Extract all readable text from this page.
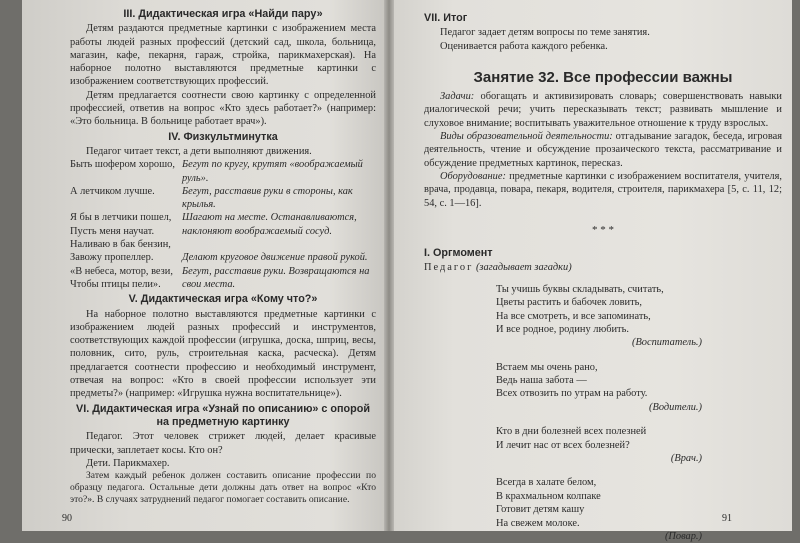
III. Дидактическая игра «Найди пару»

Детям раздаются предметные картинки с изображением места работы людей разных профессий (детский сад, школа, больница, магазин, кафе, пекарня, гараж, стройка, парикмахерская). На наборное полотно выставляются предметные картинки с изображением соответствующих профессий.

Детям предлагается соотнести свою картинку с определенной профессией, ответив на вопрос «Кто здесь работает?» (например: «Это больница. В больнице работает врач»).

IV. Физкультминутка

Педагог читает текст, а дети выполняют движения.

Быть шофером хорошо, Бегут по кругу, крутят «воображаемый руль».
А летчиком лучше.	Бегут, расставив руки в стороны, как крылья.
Я бы в летчики пошел, Пусть меня научат. Наливаю в бак бензин,
Шагают на месте. Останавливаются, наклоняют воображаемый сосуд.
Завожу пропеллер.	Делают круговое движение правой рукой.
«В небеса, мотор, вези, Чтобы птицы пели».
Бегут, расставив руки. Возвращаются на свои места.
V. Дидактическая игра «Кому что?»

На наборное полотно выставляются предметные картинки с изображением людей разных профессий и инструментов, соответствующих каждой профессии (игрушка, доска, шприц, весы, половник, сито, руль, строительная каска, расческа). Детям предлагается соотнести профессию и необходимый инструмент, отвечая на вопрос: «Кто в своей профессии использует эти предметы?» (например: «Игрушка нужна воспитательнице»).

VI. Дидактическая игра «Узнай по описанию» с опорой на предметную картинку

Педагог. Этот человек стрижет людей, делает красивые прически, заплетает косы. Кто он?

Дети. Парикмахер.

Затем каждый ребенок должен составить описание профессии по образцу педагога. Остальные дети должны дать ответ на вопрос «Кто это?». В случаях затруднений педагог помогает составить описание.

90
VII. Итог

Педагог задает детям вопросы по теме занятия.

Оценивается работа каждого ребенка.

Занятие 32. Все профессии важны

Задачи: обогащать и активизировать словарь; совершенствовать навыки диалогической речи; учить пересказывать текст; развивать мышление и слуховое внимание; воспитывать уважительное отношение к труду взрослых.

Виды образовательной деятельности: отгадывание загадок, беседа, игровая деятельность, чтение и обсуждение прозаического текста, рассматривание и обсуждение предметных картинок, пересказ.

Оборудование: предметные картинки с изображением воспитателя, учителя, врача, продавца, повара, пекаря, водителя, строителя, парикмахера [5, с. 11, 12; 54, с. 1—16].

* * *
I. Оргмомент

Педагог (загадывает загадки)

Ты учишь буквы складывать, считать,
Цветы растить и бабочек ловить,
На все смотреть, и все запоминать,
И все родное, родину любить.
(Воспитатель.)
Встаем мы очень рано,
Ведь наша забота —
Всех отвозить по утрам на работу.
(Водители.)
Кто в дни болезней всех полезней
И лечит нас от всех болезней?
(Врач.)
Всегда в халате белом,
В крахмальном колпаке
Готовит детям кашу
На свежем молоке.
(Повар.)
91
